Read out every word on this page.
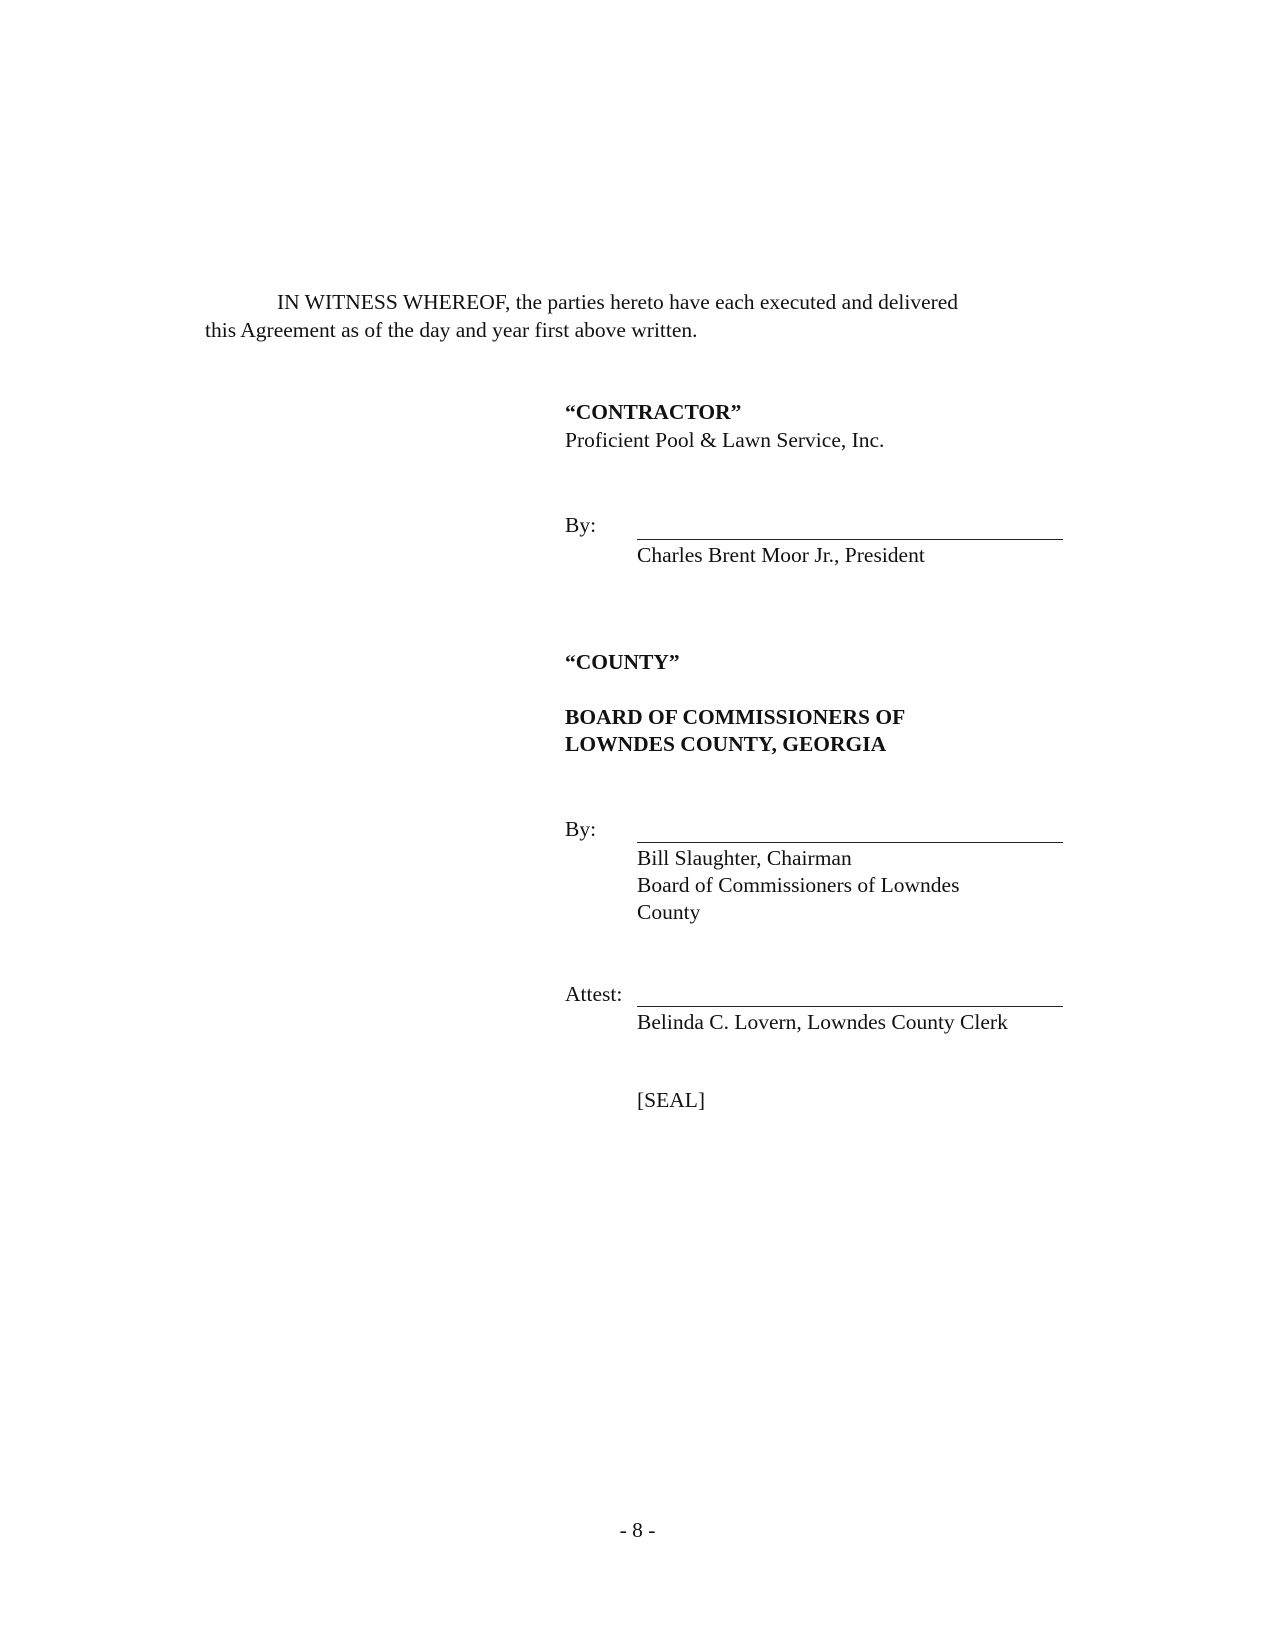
IN WITNESS WHEREOF, the parties hereto have each executed and delivered
this Agreement as of the day and year first above written.
“CONTRACTOR”
Proficient Pool & Lawn Service, Inc.
By:
Charles Brent Moor Jr., President
“COUNTY”
BOARD OF COMMISSIONERS OF
LOWNDES COUNTY, GEORGIA
By:
Bill Slaughter, Chairman
Board of Commissioners of Lowndes
County
Attest:
Belinda C. Lovern, Lowndes County Clerk
[SEAL]
- 8 -
